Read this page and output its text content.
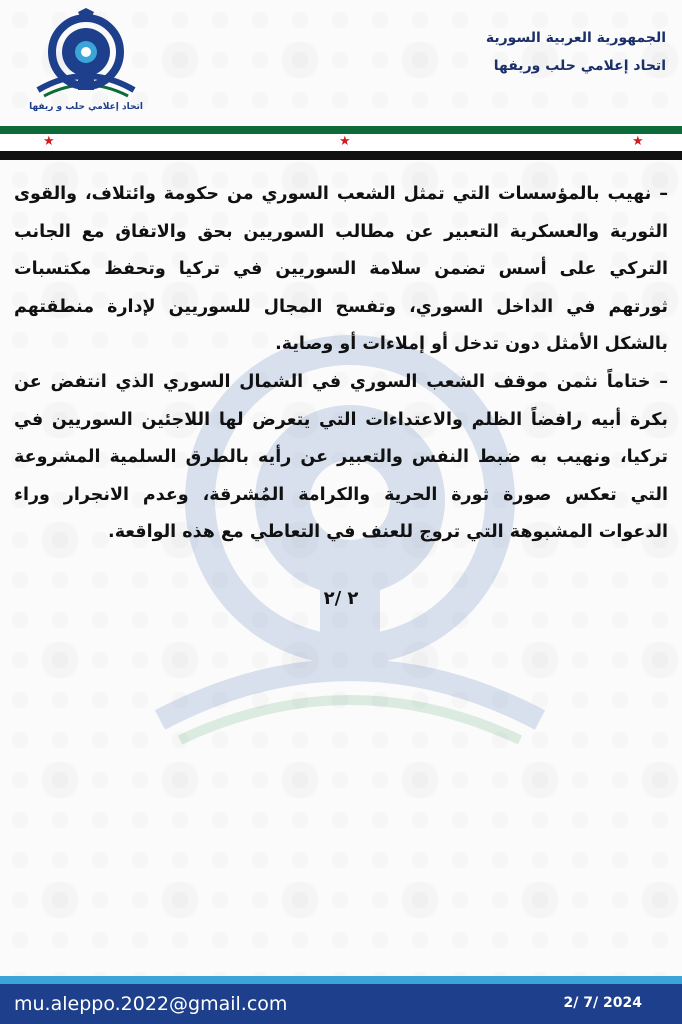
اتحاد إعلامي حلب و ريفها
الجمهورية العربية السورية
اتحاد إعلامي حلب وريفها
★	★	★

– نهيب بالمؤسسات التي تمثل الشعب السوري من حكومة وائتلاف، والقوى الثورية والعسكرية التعبير عن مطالب السوريين بحق والاتفاق مع الجانب التركي على أسس تضمن سلامة السوريين في تركيا وتحفظ مكتسبات ثورتهم في الداخل السوري، وتفسح المجال للسوريين لإدارة منطقتهم بالشكل الأمثل دون تدخل أو إملاءات أو وصاية.

– ختاماً نثمن موقف الشعب السوري في الشمال السوري الذي انتفض عن بكرة أبيه رافضاً الظلم والاعتداءات التي يتعرض لها اللاجئين السوريين في تركيا، ونهيب به ضبط النفس والتعبير عن رأيه بالطرق السلمية المشروعة التي تعكس صورة ثورة الحرية والكرامة المُشرقة، وعدم الانجرار وراء الدعوات المشبوهة التي تروج للعنف في التعاطي مع هذه الواقعة.

٢ /٢
mu.aleppo.2022@gmail.com	2024 /7 /2
